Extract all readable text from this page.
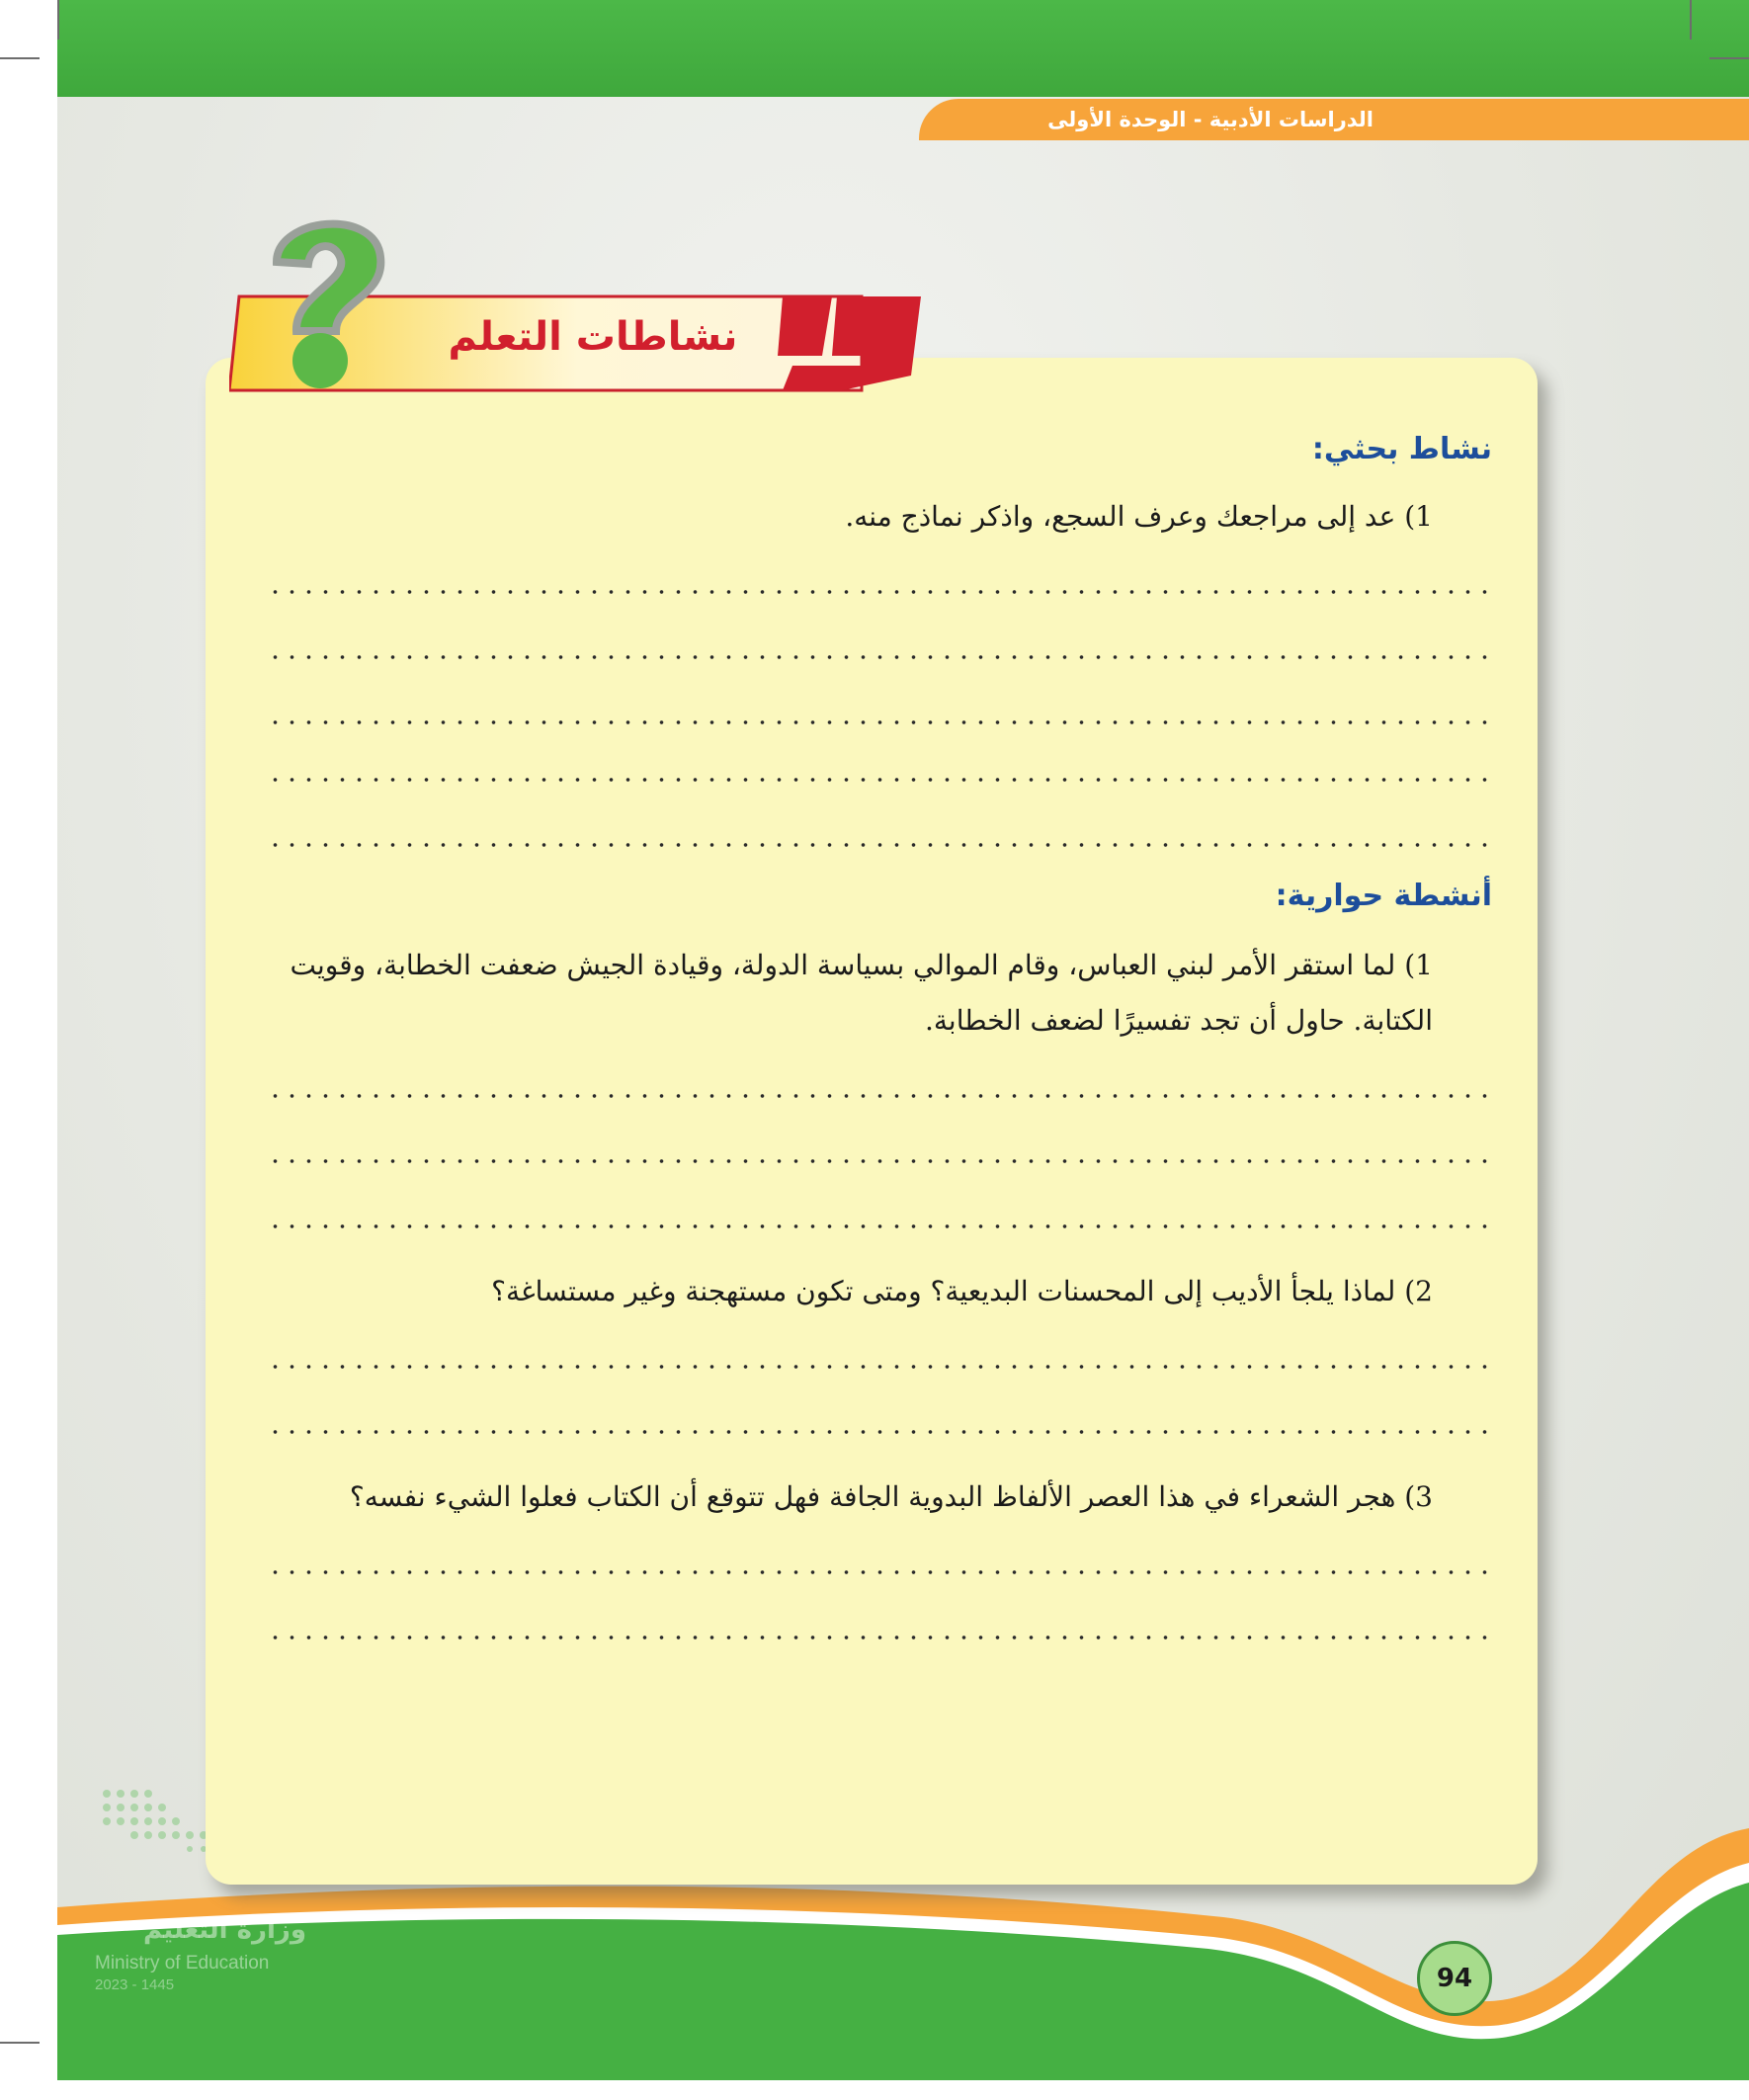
الدراسات الأدبية - الوحدة الأولى
وزارة التعليم
Ministry of Education
2023 - 1445	94
نشاطات التعلم
نشاط بحثي:

1) عد إلى مراجعك وعرف السجع، واذكر نماذج منه.

أنشطة حوارية:

1) لما استقر الأمر لبني العباس، وقام الموالي بسياسة الدولة، وقيادة الجيش ضعفت الخطابة، وقويت الكتابة. حاول أن تجد تفسيرًا لضعف الخطابة.

2) لماذا يلجأ الأديب إلى المحسنات البديعية؟ ومتى تكون مستهجنة وغير مستساغة؟

3) هجر الشعراء في هذا العصر الألفاظ البدوية الجافة فهل تتوقع أن الكتاب فعلوا الشيء نفسه؟
